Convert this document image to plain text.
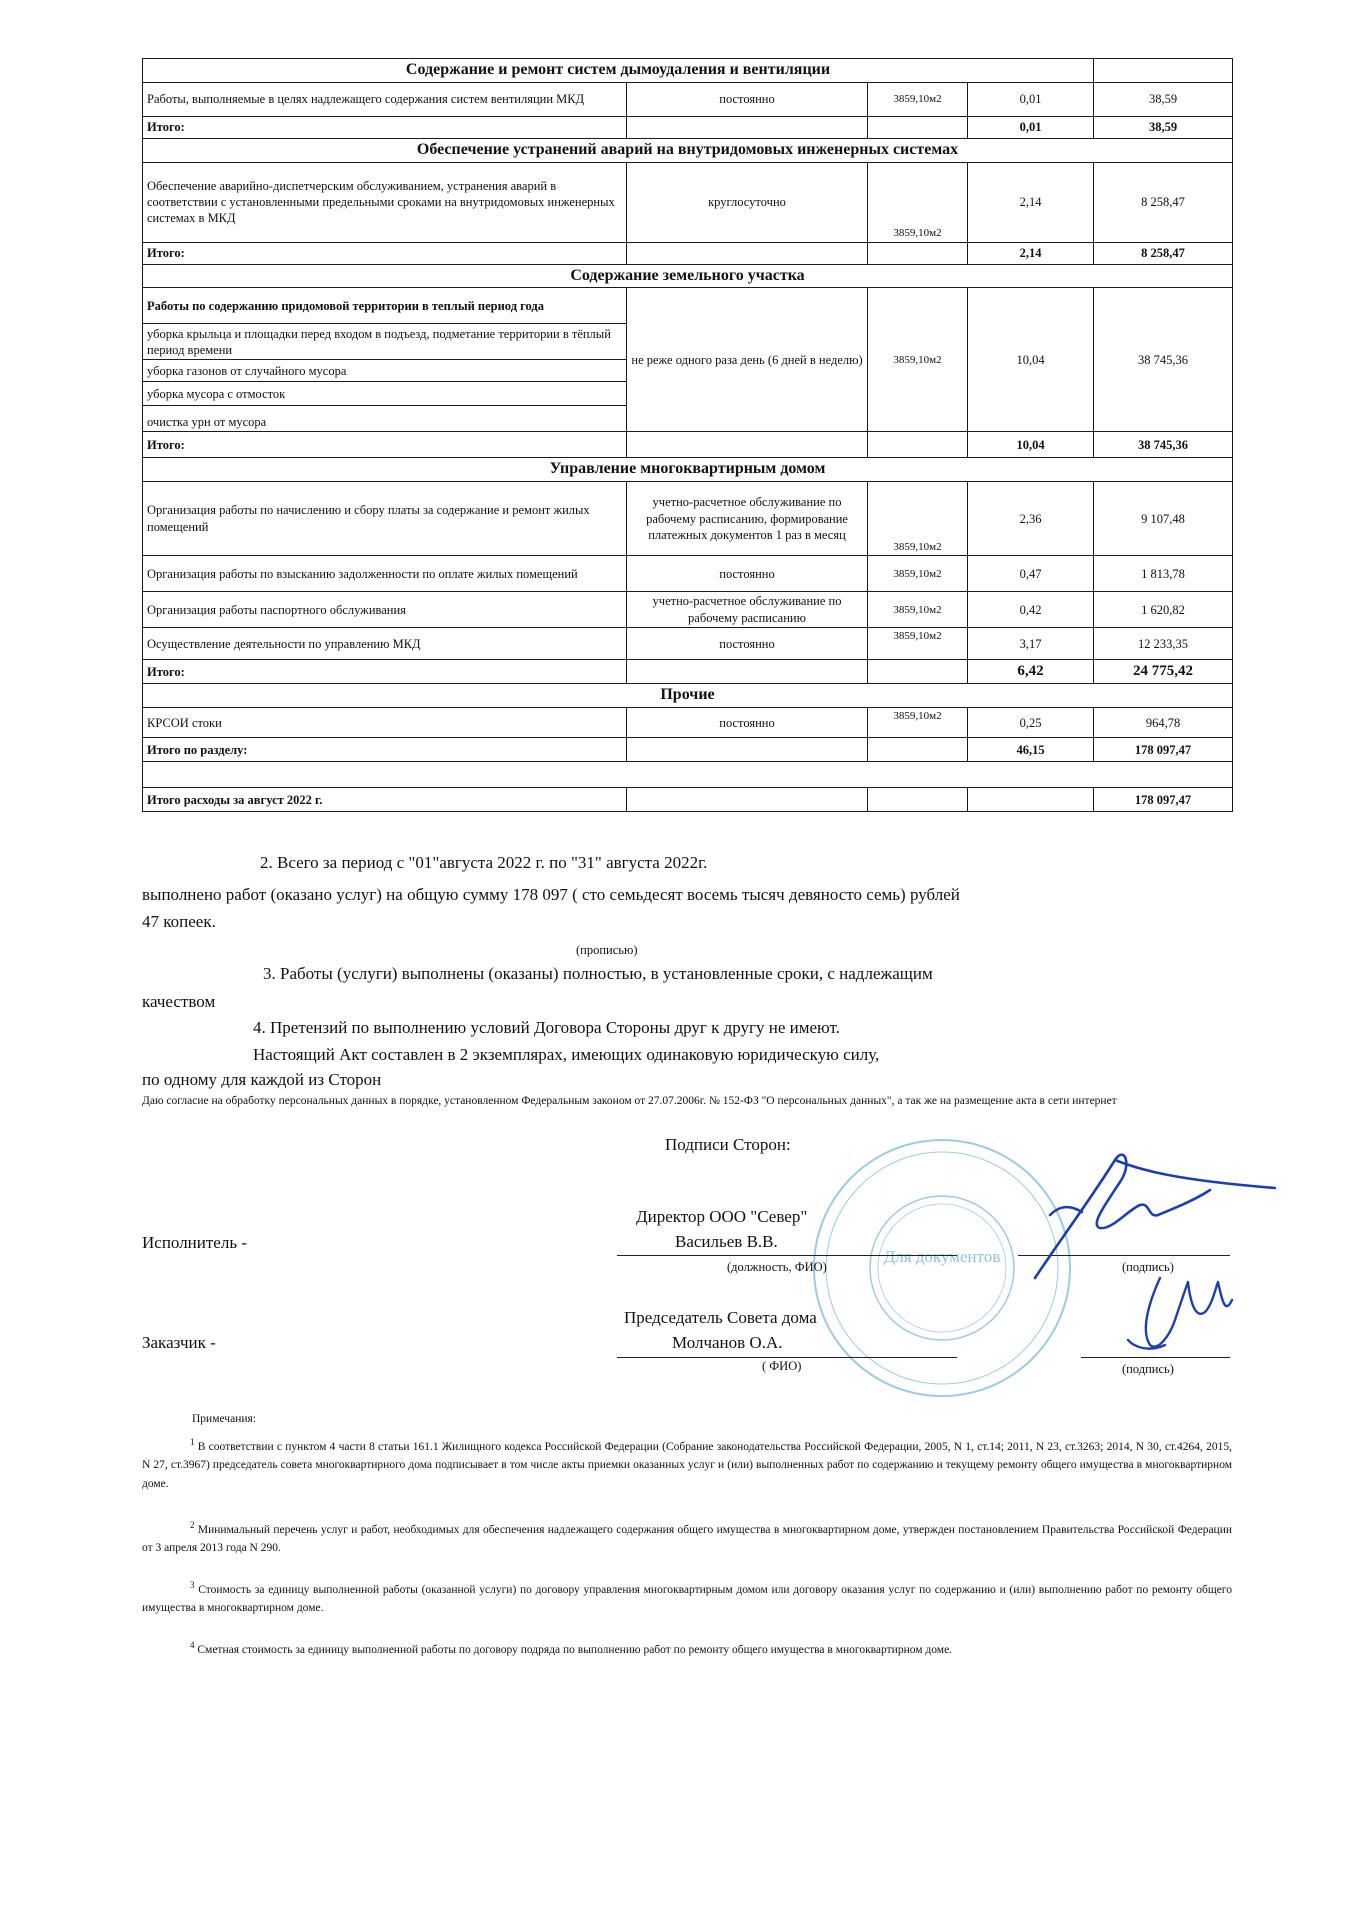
Содержание и ремонт систем дымоудаления и вентиляции				
Работы, выполняемые в целях надлежащего содержания систем вентиляции МКД	постоянно	3859,10м2	0,01	38,59
Итого:			0,01	38,59
Обеспечение устранений аварий на внутридомовых инженерных системах				
Обеспечение аварийно-диспетчерским обслуживанием, устранения аварий в соответствии с установленными предельными сроками на внутридомовых инженерных системах в МКД	круглосуточно	3859,10м2	2,14	8 258,47
Итого:			2,14	8 258,47
Содержание земельного участка				
Работы по содержанию придомовой территории в теплый период года	не реже одного раза день (6 дней в неделю)	3859,10м2	10,04	38 745,36
уборка крыльца и площадки перед входом в подъезд, подметание территории в тёплый период времени				
уборка газонов от случайного мусора				
уборка мусора с отмосток				
очистка урн от мусора				
Итого:			10,04	38 745,36
Управление многоквартирным домом				
Организация работы по начислению и сбору платы за содержание и ремонт жилых помещений	учетно-расчетное обслуживание по рабочему расписанию, формирование платежных документов 1 раз в месяц	3859,10м2	2,36	9 107,48
Организация работы по взысканию задолженности по оплате жилых помещений	постоянно	3859,10м2	0,47	1 813,78
Организация работы паспортного обслуживания	учетно-расчетное обслуживание по рабочему расписанию	3859,10м2	0,42	1 620,82
Осуществление деятельности по управлению МКД	постоянно	3859,10м2	3,17	12 233,35
Итого:			6,42	24 775,42
Прочие				
КРСОИ стоки	постоянно	3859,10м2	0,25	964,78
Итого по разделу:			46,15	178 097,47

Итого расходы за август 2022 г.				178 097,47
2. Всего за период с "01"августа 2022 г. по "31" августа 2022г.
выполнено работ (оказано услуг) на общую сумму 178 097 ( сто семьдесят восемь тысяч девяносто семь) рублей
47 копеек.
(прописью)
3. Работы (услуги) выполнены (оказаны) полностью, в установленные сроки, с надлежащим
качеством
4. Претензий по выполнению условий Договора Стороны друг к другу не имеют.
Настоящий Акт составлен в 2 экземплярах, имеющих одинаковую юридическую силу,
по одному для каждой из Сторон
Даю согласие на обработку персональных данных в порядке, установленном Федеральным законом от 27.07.2006г. № 152-ФЗ "О персональных данных", а так же на размещение акта в сети интернет
Подписи Сторон:
Для документов
Исполнитель -
Директор ООО "Север"
Васильев В.В.
(должность, ФИО)	(подпись)
Заказчик -
Председатель Совета дома
Молчанов О.А.
( ФИО)	(подпись)
Примечания:
$^1$ В соответствии с пунктом 4 части 8 статьи 161.1 Жилищного кодекса Российской Федерации (Собрание законодательства Российской Федерации, 2005, N 1, ст.14; 2011, N 23, ст.3263; 2014, N 30, ст.4264, 2015, N 27, ст.3967) председатель совета многоквартирного дома подписывает в том числе акты приемки оказанных услуг и (или) выполненных работ по содержанию и текущему ремонту общего имущества в многоквартирном доме.
$^2$ Минимальный перечень услуг и работ, необходимых для обеспечения надлежащего содержания общего имущества в многоквартирном доме, утвержден постановлением Правительства Российской Федерации от 3 апреля 2013 года N 290.
$^3$ Стоимость за единицу выполненной работы (оказанной услуги) по договору управления многоквартирным домом или договору оказания услуг по содержанию и (или) выполнению работ по ремонту общего имущества в многоквартирном доме.
$^4$ Сметная стоимость за единицу выполненной работы по договору подряда по выполнению работ по ремонту общего имущества в многоквартирном доме.
